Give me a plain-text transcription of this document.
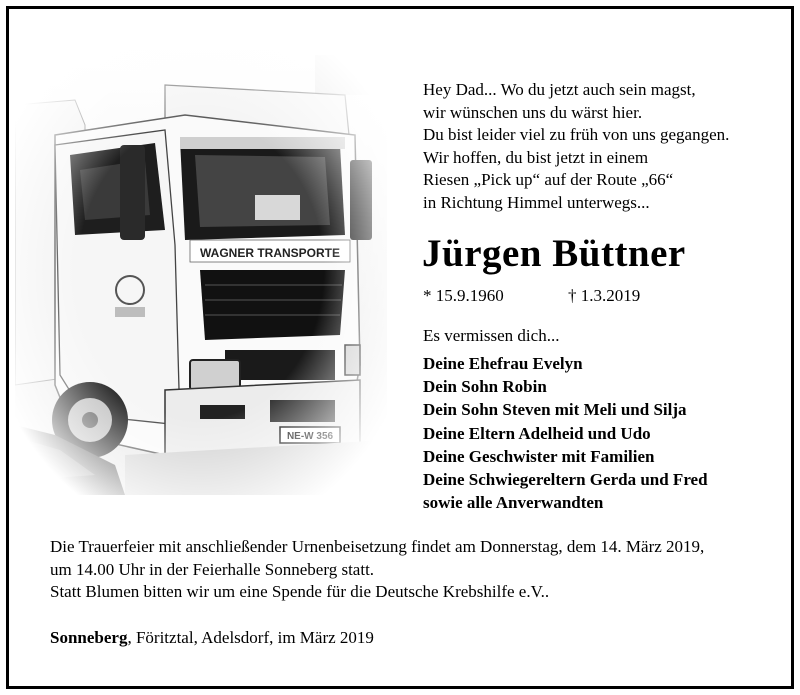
Hey Dad... Wo du jetzt auch sein magst,
wir wünschen uns du wärst hier.
Du bist leider viel zu früh von uns gegangen.
Wir hoffen, du bist jetzt in einem
Riesen „Pick up“ auf der Route „66“
in Richtung Himmel unterwegs...
Jürgen Büttner
* 15.9.1960	† 1.3.2019
Es vermissen dich...
Deine Ehefrau Evelyn
Dein Sohn Robin
Dein Sohn Steven mit Meli und Silja
Deine Eltern Adelheid und Udo
Deine Geschwister mit Familien
Deine Schwiegereltern Gerda und Fred
sowie alle Anverwandten
Die Trauerfeier mit anschließender Urnenbeisetzung findet am Donnerstag, dem 14. März 2019,
um 14.00 Uhr in der Feierhalle Sonneberg statt.
Statt Blumen bitten wir um eine Spende für die Deutsche Krebshilfe e.V..
Sonneberg, Föritztal, Adelsdorf, im März 2019
